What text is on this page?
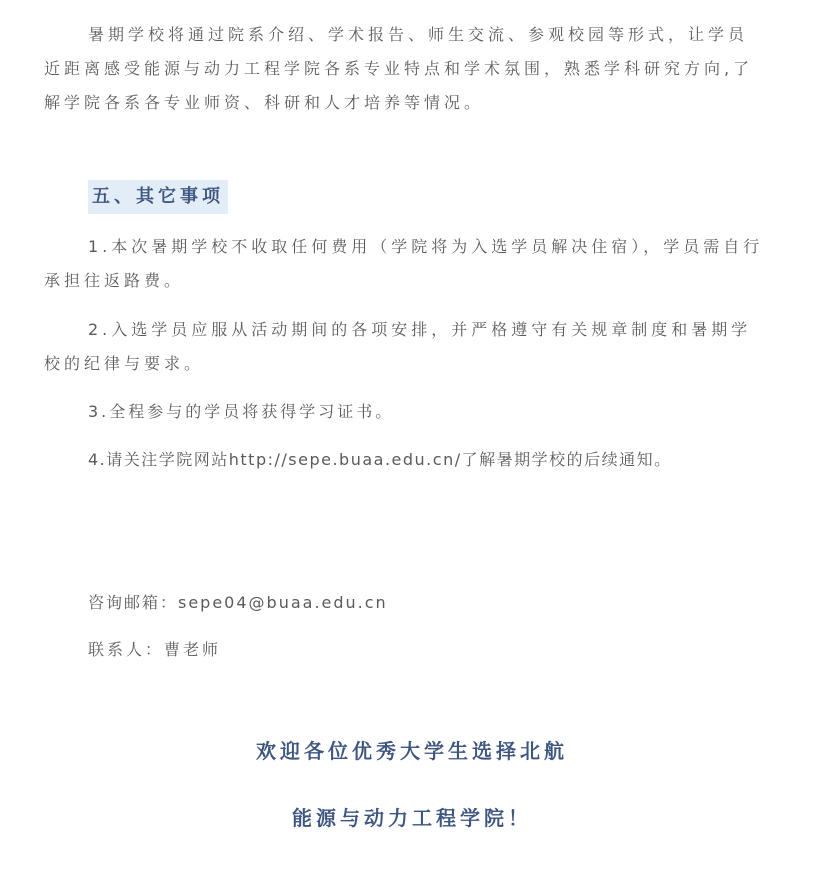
暑期学校将通过院系介绍、学术报告、师生交流、参观校园等形式，让学员近距离感受能源与动力工程学院各系专业特点和学术氛围，熟悉学科研究方向,了解学院各系各专业师资、科研和人才培养等情况。

五、其它事项

1.本次暑期学校不收取任何费用（学院将为入选学员解决住宿），学员需自行承担往返路费。

2.入选学员应服从活动期间的各项安排，并严格遵守有关规章制度和暑期学校的纪律与要求。

3.全程参与的学员将获得学习证书。

4.请关注学院网站http://sepe.buaa.edu.cn/了解暑期学校的后续通知。

咨询邮箱：sepe04@buaa.edu.cn

联系人：曹老师

欢迎各位优秀大学生选择北航

能源与动力工程学院！
